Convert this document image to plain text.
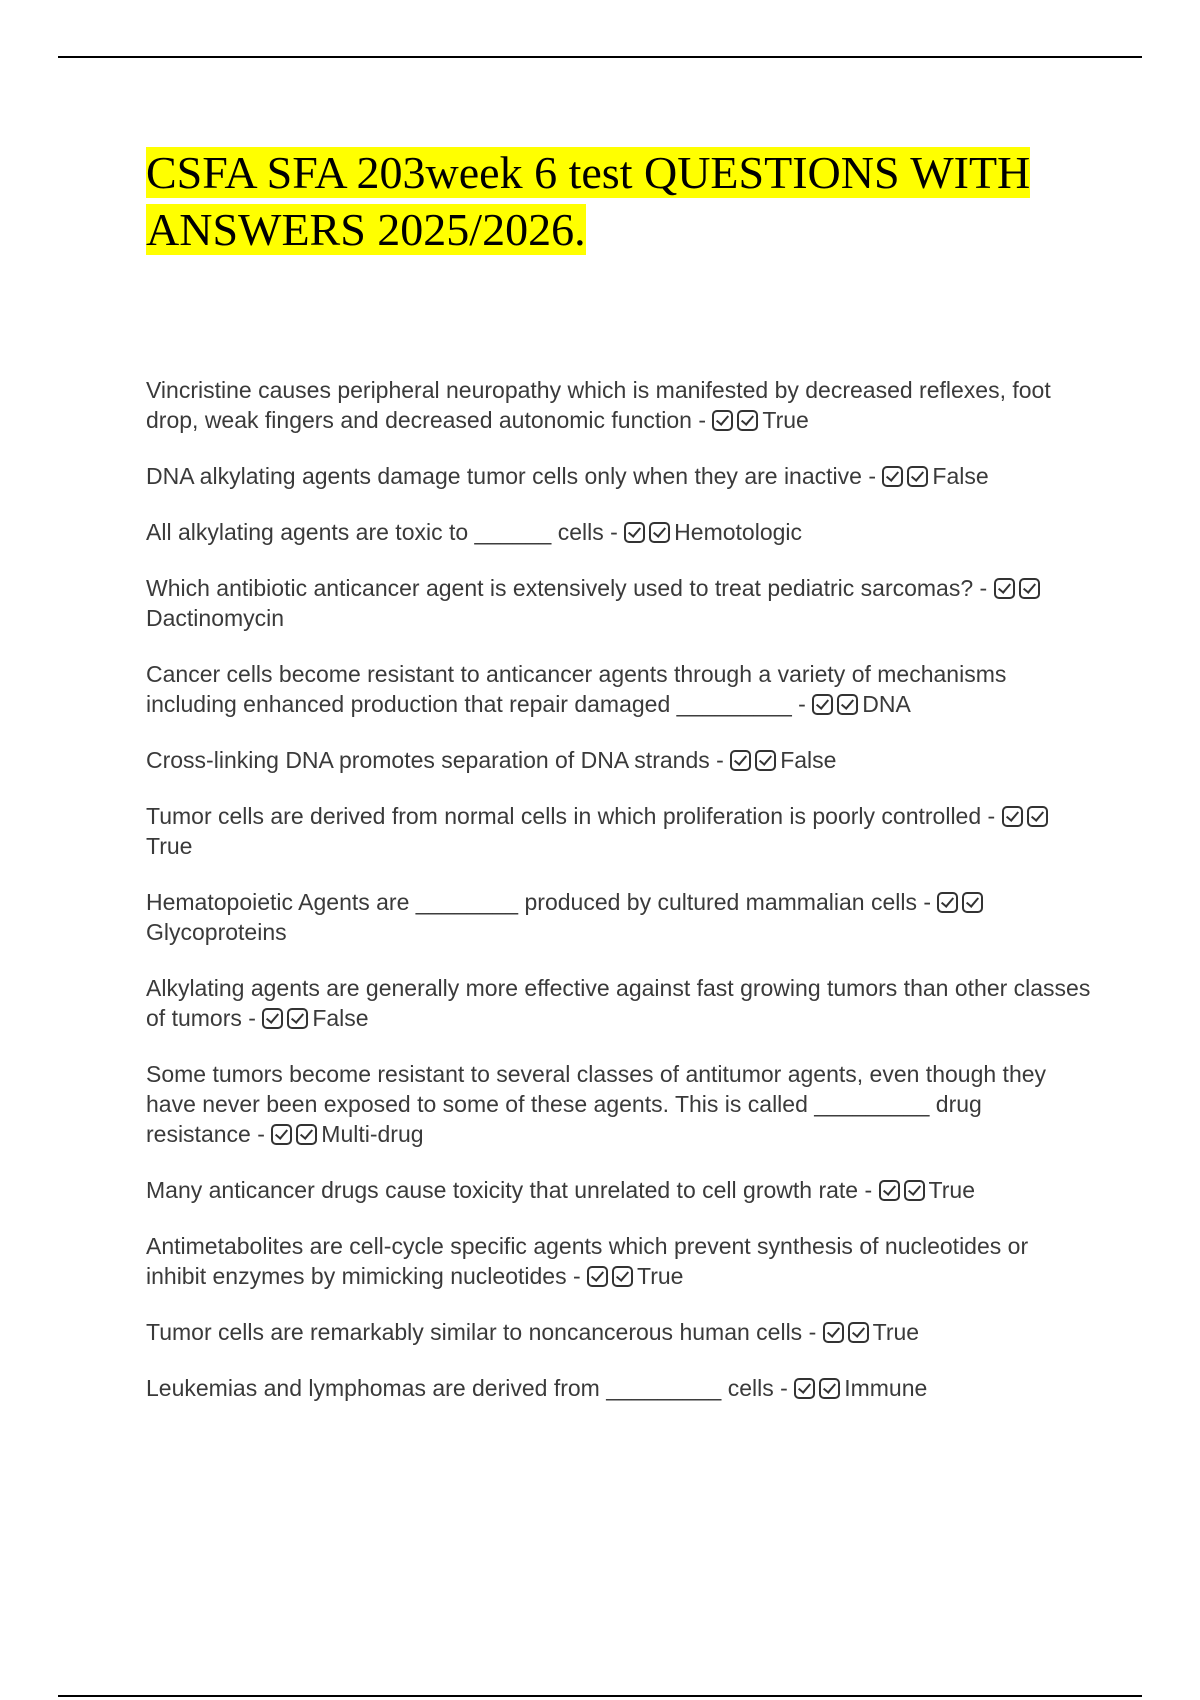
CSFA SFA 203week 6 test QUESTIONS WITH ANSWERS 2025/2026.
Vincristine causes peripheral neuropathy which is manifested by decreased reflexes, foot drop, weak fingers and decreased autonomic function - True
DNA alkylating agents damage tumor cells only when they are inactive - False
All alkylating agents are toxic to ______ cells - Hemotologic
Which antibiotic anticancer agent is extensively used to treat pediatric sarcomas? - Dactinomycin
Cancer cells become resistant to anticancer agents through a variety of mechanisms including enhanced production that repair damaged _________ - DNA
Cross-linking DNA promotes separation of DNA strands - False
Tumor cells are derived from normal cells in which proliferation is poorly controlled - True
Hematopoietic Agents are ________ produced by cultured mammalian cells - Glycoproteins
Alkylating agents are generally more effective against fast growing tumors than other classes of tumors - False
Some tumors become resistant to several classes of antitumor agents, even though they have never been exposed to some of these agents. This is called _________ drug resistance - Multi-drug
Many anticancer drugs cause toxicity that unrelated to cell growth rate - True
Antimetabolites are cell-cycle specific agents which prevent synthesis of nucleotides or inhibit enzymes by mimicking nucleotides - True
Tumor cells are remarkably similar to noncancerous human cells - True
Leukemias and lymphomas are derived from _________ cells - Immune
